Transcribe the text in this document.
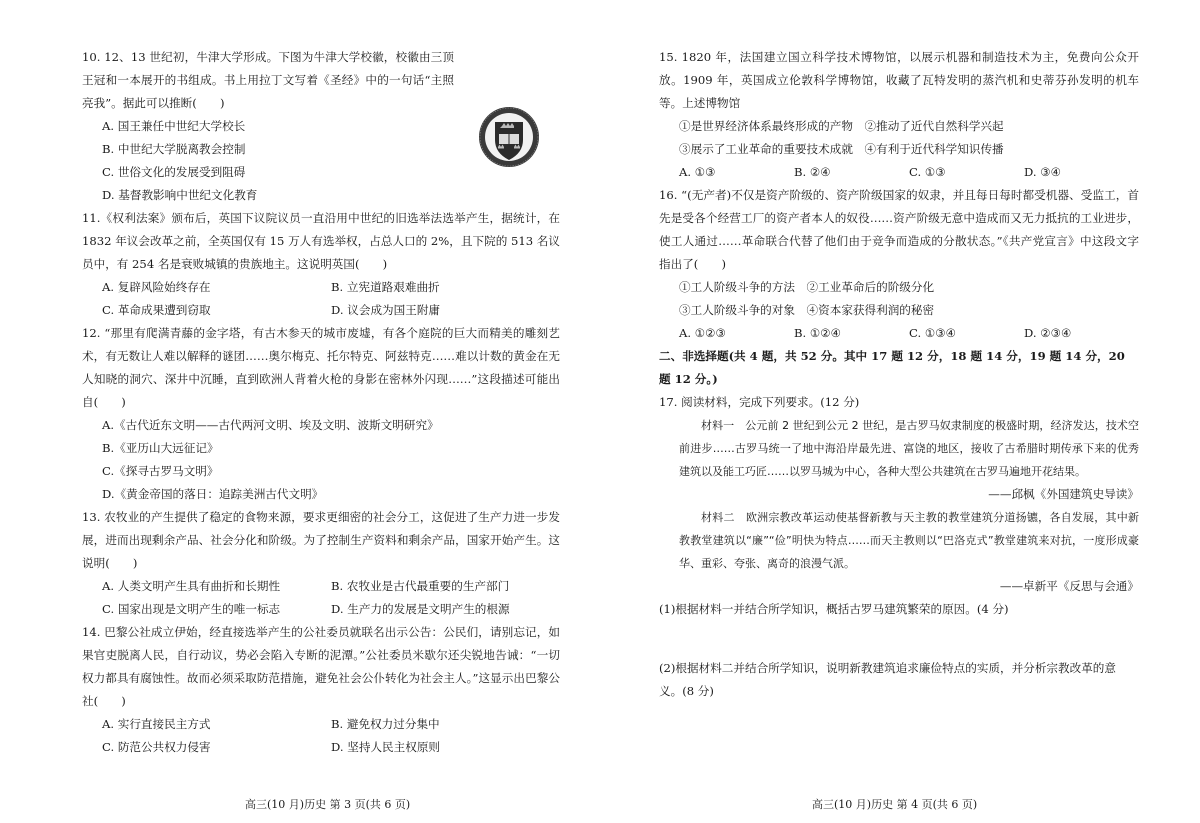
10. 12、13 世纪初，牛津大学形成。下图为牛津大学校徽，校徽由三顶王冠和一本展开的书组成。书上用拉丁文写着《圣经》中的一句话“主照亮我”。据此可以推断(　　)
A. 国王兼任中世纪大学校长
B. 中世纪大学脱离教会控制
C. 世俗文化的发展受到阻碍
D. 基督教影响中世纪文化教育
11.《权利法案》颁布后，英国下议院议员一直沿用中世纪的旧选举法选举产生，据统计，在 1832 年议会改革之前，全英国仅有 15 万人有选举权，占总人口的 2%，且下院的 513 名议员中，有 254 名是衰败城镇的贵族地主。这说明英国(　　)
A. 复辟风险始终存在	B. 立宪道路艰难曲折
C. 革命成果遭到窃取	D. 议会成为国王附庸
12. “那里有爬满青藤的金字塔，有古木参天的城市废墟，有各个庭院的巨大而精美的雕刻艺术，有无数让人难以解释的谜团……奥尔梅克、托尔特克、阿兹特克……难以计数的黄金在无人知晓的洞穴、深井中沉睡，直到欧洲人背着火枪的身影在密林外闪现……”这段描述可能出自(　　)
A.《古代近东文明——古代两河文明、埃及文明、波斯文明研究》
B.《亚历山大远征记》
C.《探寻古罗马文明》
D.《黄金帝国的落日：追踪美洲古代文明》
13. 农牧业的产生提供了稳定的食物来源，要求更细密的社会分工，这促进了生产力进一步发展，进而出现剩余产品、社会分化和阶级。为了控制生产资料和剩余产品，国家开始产生。这说明(　　)
A. 人类文明产生具有曲折和长期性	B. 农牧业是古代最重要的生产部门
C. 国家出现是文明产生的唯一标志	D. 生产力的发展是文明产生的根源
14. 巴黎公社成立伊始，经直接选举产生的公社委员就联名出示公告：公民们，请别忘记，如果官吏脱离人民，自行动议，势必会陷入专断的泥潭。”公社委员米歇尔还尖锐地告诫：“一切权力都具有腐蚀性。故而必须采取防范措施，避免社会公仆转化为社会主人。”这显示出巴黎公社(　　)
A. 实行直接民主方式	B. 避免权力过分集中
C. 防范公共权力侵害	D. 坚持人民主权原则
15. 1820 年，法国建立国立科学技术博物馆，以展示机器和制造技术为主，免费向公众开放。1909 年，英国成立伦敦科学博物馆，收藏了瓦特发明的蒸汽机和史蒂芬孙发明的机车等。上述博物馆
①是世界经济体系最终形成的产物　②推动了近代自然科学兴起
③展示了工业革命的重要技术成就　④有利于近代科学知识传播
A. ①③	B. ②④	C. ①③	D. ③④
16. “(无产者)不仅是资产阶级的、资产阶级国家的奴隶，并且每日每时都受机器、受监工，首先是受各个经营工厂的资产者本人的奴役……资产阶级无意中造成而又无力抵抗的工业进步，使工人通过……革命联合代替了他们由于竞争而造成的分散状态。”《共产党宣言》中这段文字指出了(　　)
①工人阶级斗争的方法　②工业革命后的阶级分化
③工人阶级斗争的对象　④资本家获得利润的秘密
A. ①②③	B. ①②④	C. ①③④	D. ②③④
二、非选择题(共 4 题，共 52 分。其中 17 题 12 分，18 题 14 分，19 题 14 分，20 题 12 分。)
17. 阅读材料，完成下列要求。(12 分)
材料一　公元前 2 世纪到公元 2 世纪，是古罗马奴隶制度的极盛时期，经济发达，技术空前进步……古罗马统一了地中海沿岸最先进、富饶的地区，接收了古希腊时期传承下来的优秀建筑以及能工巧匠……以罗马城为中心，各种大型公共建筑在古罗马遍地开花结果。
——邱枫《外国建筑史导读》
材料二　欧洲宗教改革运动使基督新教与天主教的教堂建筑分道扬镳，各自发展，其中新教教堂建筑以“廉”“俭”明快为特点……而天主教则以“巴洛克式”教堂建筑来对抗，一度形成豪华、重彩、夸张、离奇的浪漫气派。
——卓新平《反思与会通》
(1)根据材料一并结合所学知识，概括古罗马建筑繁荣的原因。(4 分)
(2)根据材料二并结合所学知识，说明新教建筑追求廉俭特点的实质，并分析宗教改革的意义。(8 分)
高三(10 月)历史 第 3 页(共 6 页)	高三(10 月)历史 第 4 页(共 6 页)
